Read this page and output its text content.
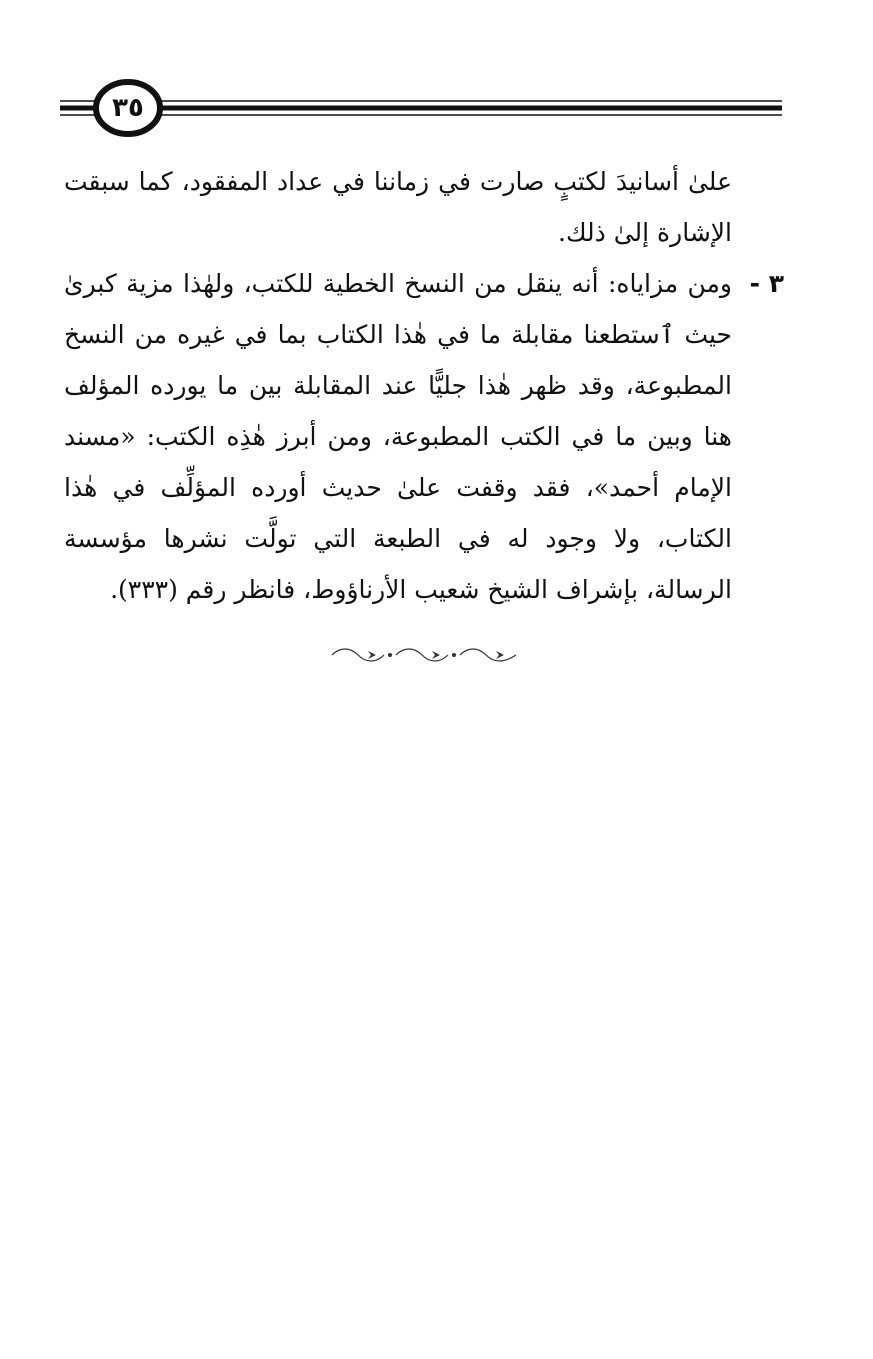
٣٥

علىٰ أسانيدَ لكتبٍ صارت في زماننا في عداد المفقود، كما سبقت الإشارة إلىٰ ذلك.

٣ -
ومن مزاياه: أنه ينقل من النسخ الخطية للكتب، ولهٰذا مزية كبرىٰ حيث ٱستطعنا مقابلة ما في هٰذا الكتاب بما في غيره من النسخ المطبوعة، وقد ظهر هٰذا جليًّا عند المقابلة بين ما يورده المؤلف هنا وبين ما في الكتب المطبوعة، ومن أبرز هٰذِه الكتب: «مسند الإمام أحمد»، فقد وقفت علىٰ حديث أورده المؤلِّف في هٰذا الكتاب، ولا وجود له في الطبعة التي تولَّت نشرها مؤسسة الرسالة، بإشراف الشيخ شعيب الأرناؤوط، فانظر رقم (٣٣٣).
